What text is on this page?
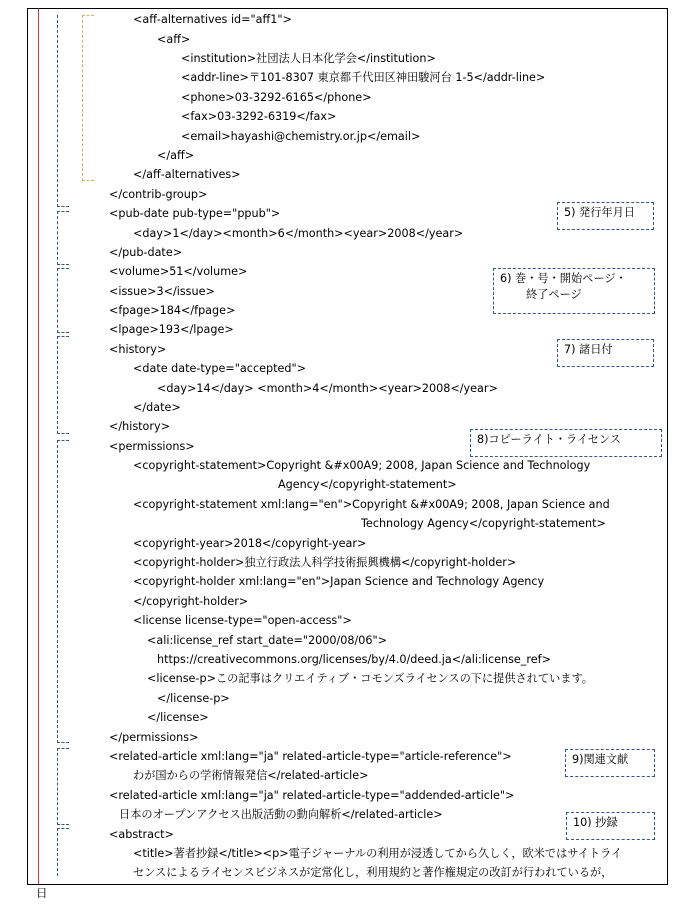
<aff-alternatives id="aff1">
<aff>
<institution>社団法人日本化学会</institution>
<addr-line>〒101-8307 東京都千代田区神田駿河台 1-5</addr-line>
<phone>03-3292-6165</phone>
<fax>03-3292-6319</fax>
<email>hayashi@chemistry.or.jp</email>
</aff>
</aff-alternatives>
</contrib-group>
<pub-date pub-type="ppub">
<day>1</day><month>6</month><year>2008</year>
</pub-date>
<volume>51</volume>
<issue>3</issue>
<fpage>184</fpage>
<lpage>193</lpage>
<history>
<date date-type="accepted">
<day>14</day> <month>4</month><year>2008</year>
</date>
</history>
<permissions>
<copyright-statement>Copyright &#x00A9; 2008, Japan Science and Technology
Agency</copyright-statement>
<copyright-statement xml:lang="en">Copyright &#x00A9; 2008, Japan Science and
Technology Agency</copyright-statement>
<copyright-year>2018</copyright-year>
<copyright-holder>独立行政法人科学技術振興機構</copyright-holder>
<copyright-holder xml:lang="en">Japan Science and Technology Agency
</copyright-holder>
<license license-type="open-access">
<ali:license_ref start_date="2000/08/06">
https://creativecommons.org/licenses/by/4.0/deed.ja</ali:license_ref>
<license-p>この記事はクリエイティブ・コモンズライセンスの下に提供されています。
</license-p>
</license>
</permissions>
<related-article xml:lang="ja" related-article-type="article-reference">
わが国からの学術情報発信</related-article>
<related-article xml:lang="ja" related-article-type="addended-article">
日本のオープンアクセス出版活動の動向解析</related-article>
<abstract>
<title>著者抄録</title><p>電子ジャーナルの利用が浸透してから久しく，欧米ではサイトライ
センスによるライセンスビジネスが定常化し，利用規約と著作権規定の改訂が行われているが，
5) 発行年月日
6) 巻・号・開始ページ・
終了ページ
7) 諸日付
8)コピーライト・ライセンス
9)関連文献
10) 抄録
日
